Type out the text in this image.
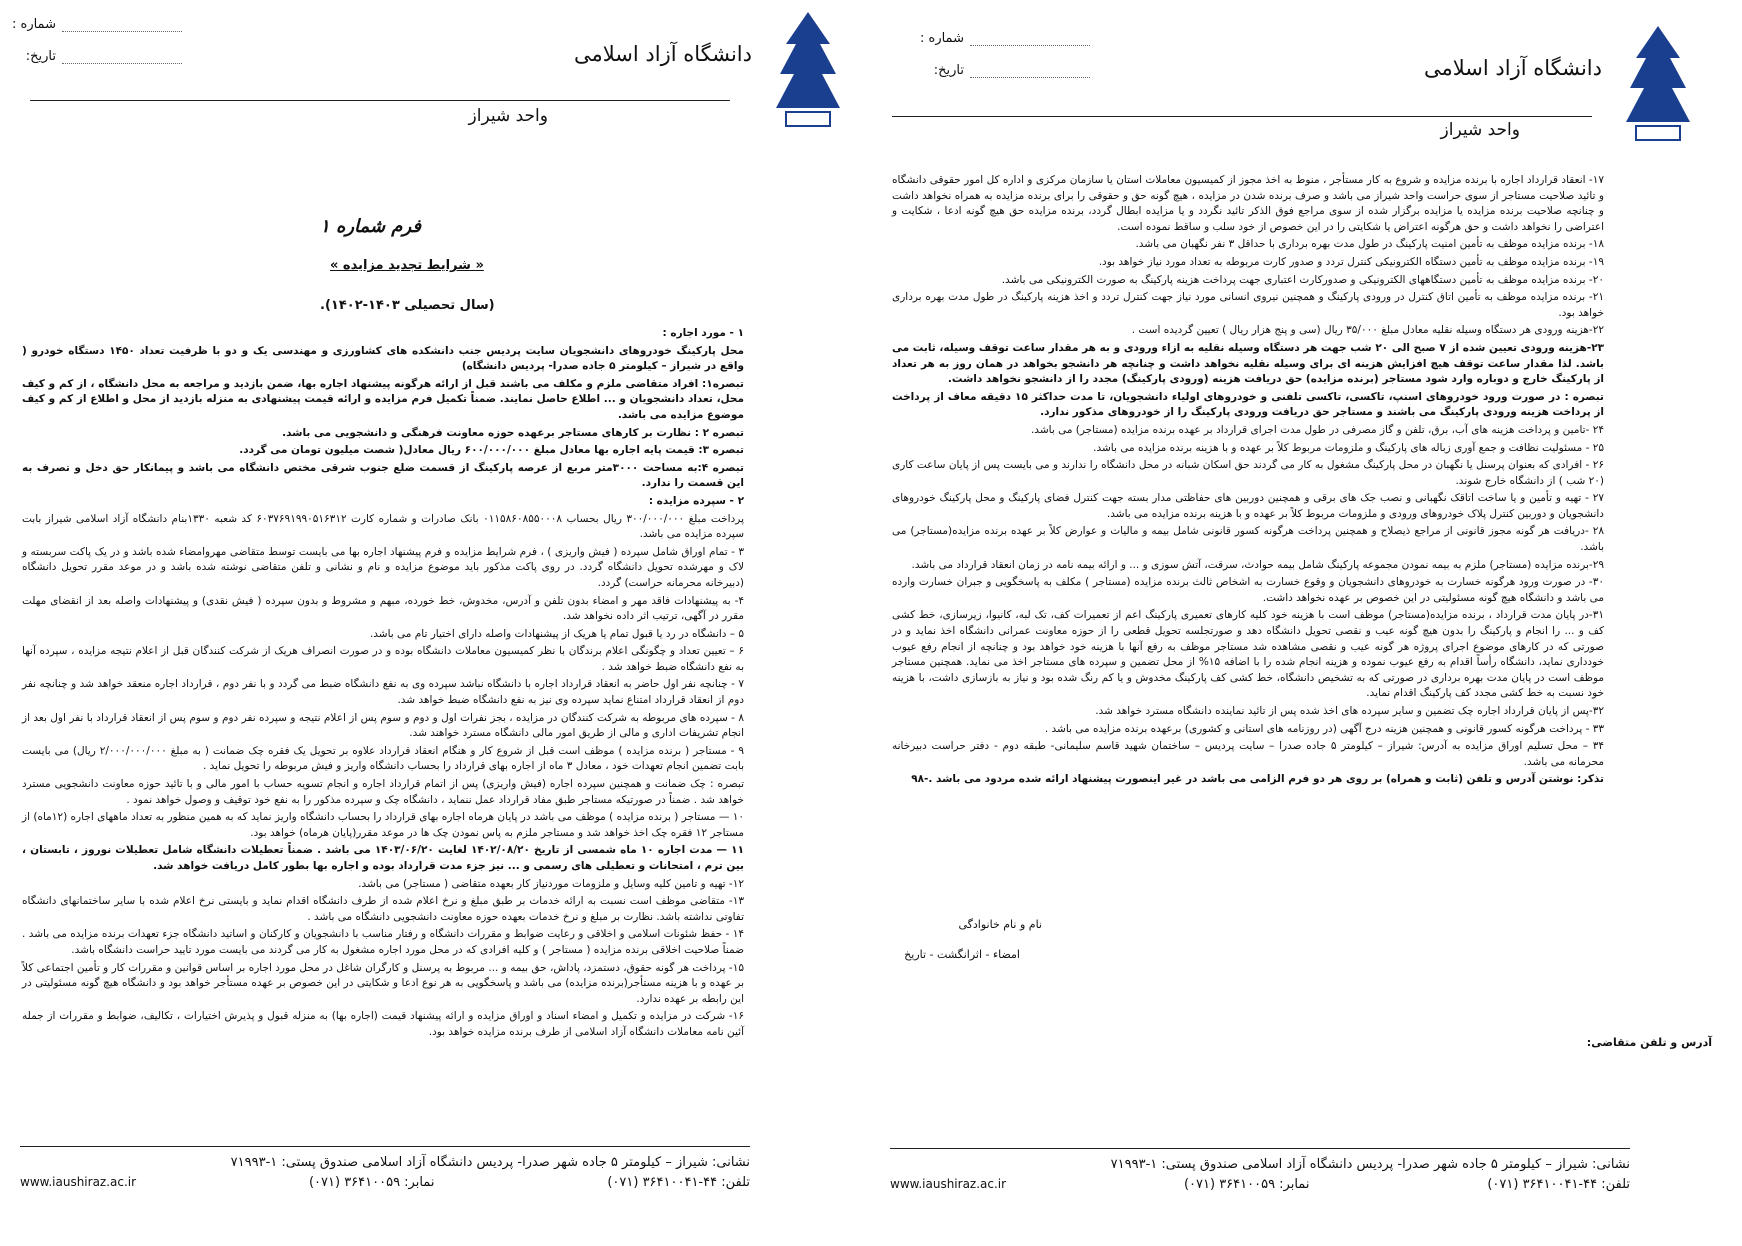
شماره :
تاريخ:	دانشگاه آزاد اسلامی
واحد شيراز
فرم شماره ۱
« شرايط تجديد مزايده »
(سال تحصيلی ۱۴۰۳-۱۴۰۲).

۱ - مورد اجاره :

محل پارکينگ خودروهای دانشجويان سايت پرديس جنب دانشکده های کشاورزی و مهندسی يک و دو با ظرفيت تعداد ۱۴۵۰ دستگاه خودرو ( واقع در شيراز – کيلومتر ۵ جاده صدرا- پرديس دانشگاه)

تبصره۱: افراد متقاضی ملزم و مکلف می باشند قبل از ارائه هرگونه پيشنهاد اجاره بها، ضمن بازديد و مراجعه به محل دانشگاه ، از کم و کيف محل، تعداد دانشجويان و ... اطلاع حاصل نمايند. ضمناً تکميل فرم مزايده و ارائه قيمت پيشنهادی به منزله بازديد از محل و اطلاع از کم و کيف موضوع مزايده می باشد.

تبصره ۲ : نظارت بر کارهای مستاجر برعهده حوزه معاونت فرهنگی و دانشجويی می باشد.

تبصره ۳: قيمت پايه اجاره بها معادل مبلغ ۶۰۰/۰۰۰/۰۰۰ ريال معادل( شصت ميليون تومان می گردد.

تبصره ۴:به مساحت ۳۰۰۰متر مربع از عرصه پارکينگ از قسمت ضلع جنوب شرقی مختص دانشگاه می باشد و پيمانکار حق دخل و تصرف به اين قسمت را ندارد.

۲ - سپرده مزايده :

پرداخت مبلغ ۳۰۰/۰۰۰/۰۰۰ ريال بحساب ۰۱۱۵۸۶۰۸۵۵۰۰۰۸ بانک صادرات و شماره کارت ۶۰۳۷۶۹۱۹۹۰۵۱۶۳۱۲ کد شعبه ۱۳۳۰بنام دانشگاه آزاد اسلامی شيراز بابت سپرده مزايده می باشد.

۳ - تمام اوراق شامل سپرده ( فيش واريزی ) ، فرم شرايط مزايده و فرم پيشنهاد اجاره بها می بايست توسط متقاضی مهروامضاء شده باشد و در يک پاکت سربسته و لاک و مهرشده تحويل دانشگاه گردد. در روی پاکت مذکور بايد موضوع مزايده و نام و نشانی و تلفن متقاضی نوشته شده باشد و در موعد مقرر تحويل دانشگاه (دبيرخانه محرمانه حراست) گردد.

۴- به پيشنهادات فاقد مهر و امضاء بدون تلفن و آدرس، مخدوش، خط خورده، مبهم و مشروط و بدون سپرده ( فيش نقدی) و پيشنهادات واصله بعد از انقضای مهلت مقرر در آگهی، ترتيب اثر داده نخواهد شد.

۵ – دانشگاه در رد يا قبول تمام يا هريک از پيشنهادات واصله دارای اختيار تام می باشد.

۶ – تعيين تعداد و چگونگی اعلام برندگان با نظر کميسيون معاملات دانشگاه بوده و در صورت انصراف هريک از شرکت کنندگان قبل از اعلام نتيجه مزايده ، سپرده آنها به نفع دانشگاه ضبط خواهد شد .

۷ - چنانچه نفر اول حاضر به انعقاد قرارداد اجاره با دانشگاه نباشد سپرده وی به نفع دانشگاه ضبط می گردد و با نفر دوم ، قرارداد اجاره منعقد خواهد شد و چنانچه نفر دوم از انعقاد قرارداد امتناع نمايد سپرده وی نيز به نفع دانشگاه ضبط خواهد شد.

۸ - سپرده های مربوطه به شرکت کنندگان در مزايده ، بجز نفرات اول و دوم و سوم پس از اعلام نتيجه و سپرده نفر دوم و سوم پس از انعقاد قرارداد با نفر اول بعد از انجام تشريفات اداری و مالی از طريق امور مالی دانشگاه مسترد خواهند شد.

۹ - مستاجر ( برنده مزايده ) موظف است قبل از شروع کار و هنگام انعقاد قرارداد علاوه بر تحويل يک فقره چک ضمانت ( به مبلغ ۲/۰۰۰/۰۰۰/۰۰۰ ريال) می بايست بابت تضمين انجام تعهدات خود ، معادل ۳ ماه از اجاره بهای قرارداد را بحساب دانشگاه واريز و فيش مربوطه را تحويل نمايد .

تبصره : چک ضمانت و همچنين سپرده اجاره (فيش واريزی) پس از اتمام قرارداد اجاره و انجام تسويه حساب با امور مالی و با تائيد حوزه معاونت دانشجويی مسترد خواهد شد . ضمناً در صورتيکه مستاجر طبق مفاد قرارداد عمل ننمايد ، دانشگاه چک و سپرده مذکور را به نفع خود توقيف و وصول خواهد نمود .

۱۰ — مستاجر ( برنده مزايده ) موظف می باشد در پايان هرماه اجاره بهای قرارداد را بحساب دانشگاه واريز نمايد که به همين منظور به تعداد ماههای اجاره (۱۲ماه) از مستاجر ۱۲ فقره چک اخذ خواهد شد و مستاجر ملزم به پاس نمودن چک ها در موعد مقرر(پايان هرماه) خواهد بود.

۱۱ — مدت اجاره ۱۰ ماه شمسی از تاريخ ۱۴۰۲/۰۸/۲۰ لغايت ۱۴۰۳/۰۶/۲۰ می باشد . ضمناً تعطيلات دانشگاه شامل تعطيلات نوروز ، تابستان ، بين ترم ، امتحانات و تعطيلی های رسمی و ... نيز جزء مدت قرارداد بوده و اجاره بها بطور کامل دريافت خواهد شد.

۱۲- تهيه و تامين کليه وسايل و ملزومات موردنياز کار بعهده متقاضی ( مستاجر) می باشد.

۱۳- متقاضی موظف است نسبت به ارائه خدمات بر طبق مبلغ و نرخ اعلام شده از طرف دانشگاه اقدام نمايد و بايستی نرخ اعلام شده با ساير ساختمانهای دانشگاه تفاوتی نداشته باشد. نظارت بر مبلغ و نرخ خدمات بعهده حوزه معاونت دانشجويی دانشگاه می باشد .

۱۴ - حفظ شئونات اسلامی و اخلاقی و رعايت ضوابط و مقررات دانشگاه و رفتار مناسب با دانشجويان و کارکنان و اساتيد دانشگاه جزء تعهدات برنده مزايده می باشد . ضمناً صلاحيت اخلاقی برنده مزايده ( مستاجر ) و کليه افرادی که در محل مورد اجاره مشغول به کار می گردند می بايست مورد تاييد حراست دانشگاه باشد.

۱۵- پرداخت هر گونه حقوق، دستمزد، پاداش، حق بيمه و ... مربوط به پرسنل و کارگران شاغل در محل مورد اجاره بر اساس قوانين و مقررات کار و تأمين اجتماعی کلاً بر عهده و با هزينه مستأجر(برنده مزايده) می باشد و پاسخگويی به هر نوع ادعا و شکايتی در اين خصوص بر عهده مستأجر خواهد بود و دانشگاه هيچ گونه مسئوليتی در اين رابطه بر عهده ندارد.

۱۶- شرکت در مزايده و تکميل و امضاء اسناد و اوراق مزايده و ارائه پيشنهاد قيمت (اجاره بها) به منزله قبول و پذيرش اختيارات ، تکاليف، ضوابط و مقررات از جمله آئين نامه معاملات دانشگاه آزاد اسلامی از طرف برنده مزايده خواهد بود.

نشانی: شيراز – کيلومتر ۵ جاده شهر صدرا- پرديس دانشگاه آزاد اسلامی صندوق پستی: ۱-۷۱۹۹۳
تلفن: ۴۴-۳۶۴۱۰۰۴۱ (۰۷۱)
نمابر: ۳۶۴۱۰۰۵۹ (۰۷۱)
www.iaushiraz.ac.ir
شماره :
تاريخ:	دانشگاه آزاد اسلامی
واحد شيراز

۱۷- انعقاد قرارداد اجاره با برنده مزايده و شروع به کار مستأجر ، منوط به اخذ مجوز از کميسيون معاملات استان يا سازمان مرکزی و اداره کل امور حقوقی دانشگاه و تائيد صلاحيت مستاجر از سوی حراست واحد شيراز می باشد و صرف برنده شدن در مزايده ، هيچ گونه حق و حقوقی را برای برنده مزايده به همراه نخواهد داشت و چنانچه صلاحيت برنده مزايده يا مزايده برگزار شده از سوی مراجع فوق الذکر تائيد نگردد و يا مزايده ابطال گردد، برنده مزايده حق هيچ گونه ادعا ، شکايت و اعتراضی را نخواهد داشت و حق هرگونه اعتراض يا شکايتی را در اين خصوص از خود سلب و ساقط نموده است.

۱۸- برنده مزايده موظف به تأمين امنيت پارکينگ در طول مدت بهره برداری با حداقل ۳ نفر نگهبان می باشد.

۱۹- برنده مزايده موظف به تأمين دستگاه الکترونيکی کنترل تردد و صدور کارت مربوطه به تعداد مورد نياز خواهد بود.

۲۰- برنده مزايده موظف به تأمين دستگاههای الکترونيکی و صدورکارت اعتباری جهت پرداخت هزينه پارکينگ به صورت الکترونيکی می باشد.

۲۱- برنده مزايده موظف به تأمين اتاق کنترل در ورودی پارکينگ و همچنين نيروی انسانی مورد نياز جهت کنترل تردد و اخذ هزينه پارکينگ در طول مدت بهره برداری خواهد بود.

۲۲-هزينه ورودی هر دستگاه وسيله نقليه معادل مبلغ ۳۵/۰۰۰ ريال (سی و پنج هزار ريال ) تعيين گرديده است .

۲۳-هزينه ورودی تعيين شده از ۷ صبح الی ۲۰ شب جهت هر دستگاه وسيله نقليه به ازاء ورودی و به هر مقدار ساعت توقف وسيله، ثابت می باشد. لذا مقدار ساعت توقف هيچ افزايش هزينه ای برای وسيله نقليه نخواهد داشت و چنانچه هر دانشجو بخواهد در همان روز به هر تعداد از پارکينگ خارج و دوباره وارد شود مستاجر (برنده مزايده) حق دريافت هزينه (ورودی پارکينگ) مجدد را از دانشجو نخواهد داشت.

تبصره : در صورت ورود خودروهای اسنپ، تاکسی، تاکسی تلفنی و خودروهای اولياء دانشجويان، تا مدت حداکثر ۱۵ دقيقه معاف از پرداخت از پرداخت هزينه ورودی پارکينگ می باشند و مستاجر حق دريافت ورودی پارکينگ را از خودروهای مذکور ندارد.

۲۴ -تامين و پرداخت هزينه های آب، برق، تلفن و گاز مصرفی در طول مدت اجرای قرارداد بر عهده برنده مزايده (مستاجر) می باشد.

۲۵ - مسئوليت نظافت و جمع آوری زباله های پارکينگ و ملزومات مربوط کلاً بر عهده و با هزينه برنده مزايده می باشد.

۲۶ - افرادی که بعنوان پرسنل يا نگهبان در محل پارکينگ مشغول به کار می گردند حق اسکان شبانه در محل دانشگاه را ندارند و می بايست پس از پايان ساعت کاری (۲۰ شب ) از دانشگاه خارج شوند.

۲۷ - تهيه و تأمين و يا ساخت اتاقک نگهبانی و نصب جک های برقی و همچنين دوربين های حفاظتی مدار بسته جهت کنترل فضای پارکينگ و محل پارکينگ خودروهای دانشجويان و دوربين کنترل پلاک خودروهای ورودی و ملزومات مربوط کلاً بر عهده و با هزينه برنده مزايده می باشد.

۲۸ -دريافت هر گونه مجوز قانونی از مراجع ذيصلاح و همچنين پرداخت هرگونه کسور قانونی شامل بيمه و ماليات و عوارض کلاً بر عهده برنده مزايده(مستاجر) می باشد.

۲۹-برنده مزايده (مستاجر) ملزم به بيمه نمودن مجموعه پارکينگ شامل بيمه حوادث، سرقت، آتش سوزی و ... و ارائه بيمه نامه در زمان انعقاد قرارداد می باشد.

۳۰- در صورت ورود هرگونه خسارت به خودروهای دانشجويان و وقوع خسارت به اشخاص ثالث برنده مزايده (مستاجر ) مکلف به پاسخگويی و جبران خسارت وارده می باشد و دانشگاه هيچ گونه مسئوليتی در اين خصوص بر عهده نخواهد داشت.

۳۱-در پايان مدت قرارداد ، برنده مزايده(مستاجر) موظف است با هزينه خود کليه کارهای تعميری پارکينگ اعم از تعميرات کف، تک لبه، کانيوا، زيرسازی، خط کشی کف و ... را انجام و پارکينگ را بدون هيچ گونه عيب و نقصی تحويل دانشگاه دهد و صورتجلسه تحويل قطعی را از حوزه معاونت عمرانی دانشگاه اخذ نمايد و در صورتی که در کارهای موضوع اجرای پروژه هر گونه عيب و نقصی مشاهده شد مستاجر موظف به رفع آنها با هزينه خود خواهد بود و چنانچه از انجام رفع عيوب خودداری نمايد، دانشگاه رأساً اقدام به رفع عيوب نموده و هزينه انجام شده را با اضافه ۱۵% از محل تضمين و سپرده های مستاجر اخذ می نمايد. همچنين مستاجر موظف است در پايان مدت بهره برداری در صورتی که به تشخيص دانشگاه، خط کشی کف پارکينگ مخدوش و يا کم رنگ شده بود و نياز به بازسازی داشت، با هزينه خود نسبت به خط کشی مجدد کف پارکينگ اقدام نمايد.

۳۲-پس از پايان قرارداد اجاره چک تضمين و ساير سپرده های اخذ شده پس از تائيد نماينده دانشگاه مسترد خواهد شد.

۳۳ - پرداخت هرگونه کسور قانونی و همچنين هزينه درج آگهی (در روزنامه های استانی و کشوری) برعهده برنده مزايده می باشد .

۳۴ – محل تسليم اوراق مزايده به آدرس: شيراز – کيلومتر ۵ جاده صدرا – سايت پرديس – ساختمان شهيد قاسم سليمانی- طبقه دوم - دفتر حراست دبيرخانه محرمانه می باشد.

تذکر: نوشتن آدرس و تلفن (ثابت و همراه) بر روی هر دو فرم الزامی می باشد در غير اينصورت پيشنهاد ارائه شده مردود می باشد .-۹۸

نام و نام خانوادگی
امضاء - اثرانگشت - تاريخ
آدرس و تلفن متقاضی:
نشانی: شيراز – کيلومتر ۵ جاده شهر صدرا- پرديس دانشگاه آزاد اسلامی صندوق پستی: ۱-۷۱۹۹۳
تلفن: ۴۴-۳۶۴۱۰۰۴۱ (۰۷۱)
نمابر: ۳۶۴۱۰۰۵۹ (۰۷۱)
www.iaushiraz.ac.ir
